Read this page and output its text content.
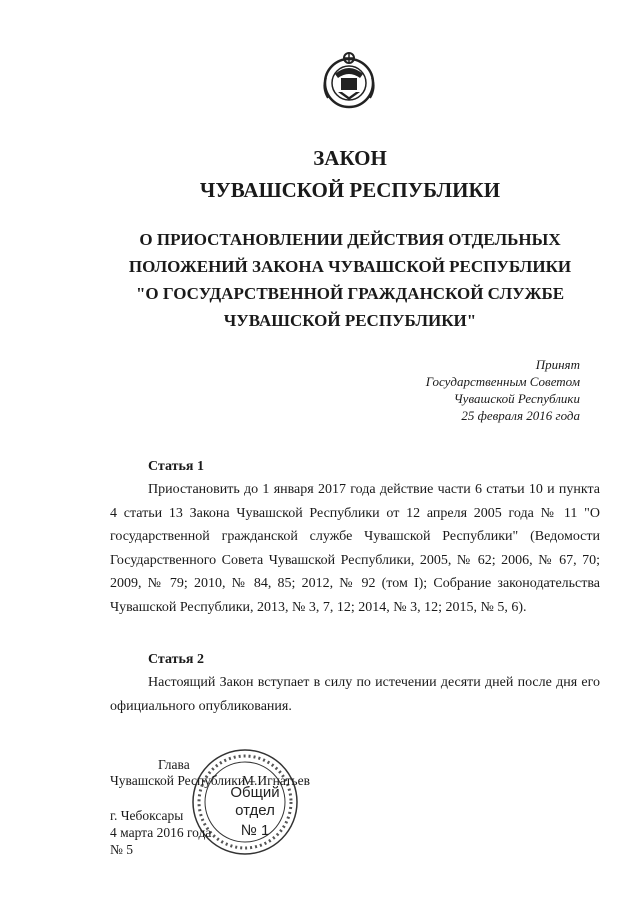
ЗАКОН
ЧУВАШСКОЙ РЕСПУБЛИКИ
О ПРИОСТАНОВЛЕНИИ ДЕЙСТВИЯ ОТДЕЛЬНЫХ
ПОЛОЖЕНИЙ ЗАКОНА ЧУВАШСКОЙ РЕСПУБЛИКИ
"О ГОСУДАРСТВЕННОЙ ГРАЖДАНСКОЙ СЛУЖБЕ
ЧУВАШСКОЙ РЕСПУБЛИКИ"
Принят
Государственным Советом
Чувашской Республики
25 февраля 2016 года
Статья 1
Приостановить до 1 января 2017 года действие части 6 статьи 10 и пункта 4 статьи 13 Закона Чувашской Республики от 12 апреля 2005 года № 11 "О государственной гражданской службе Чувашской Республики" (Ведомости Государственного Совета Чувашской Республики, 2005, № 62; 2006, № 67, 70; 2009, № 79; 2010, № 84, 85; 2012, № 92 (том I); Собрание законодательства Чувашской Республики, 2013, № 3, 7, 12; 2014, № 3, 12; 2015, № 5, 6).
Статья 2
Настоящий Закон вступает в силу по истечении десяти дней после дня его официального опубликования.
Общий
отдел
№ 1
Глава
Чувашской Республики –
М.Игнатьев
г. Чебоксары
4 марта 2016 года
№ 5
